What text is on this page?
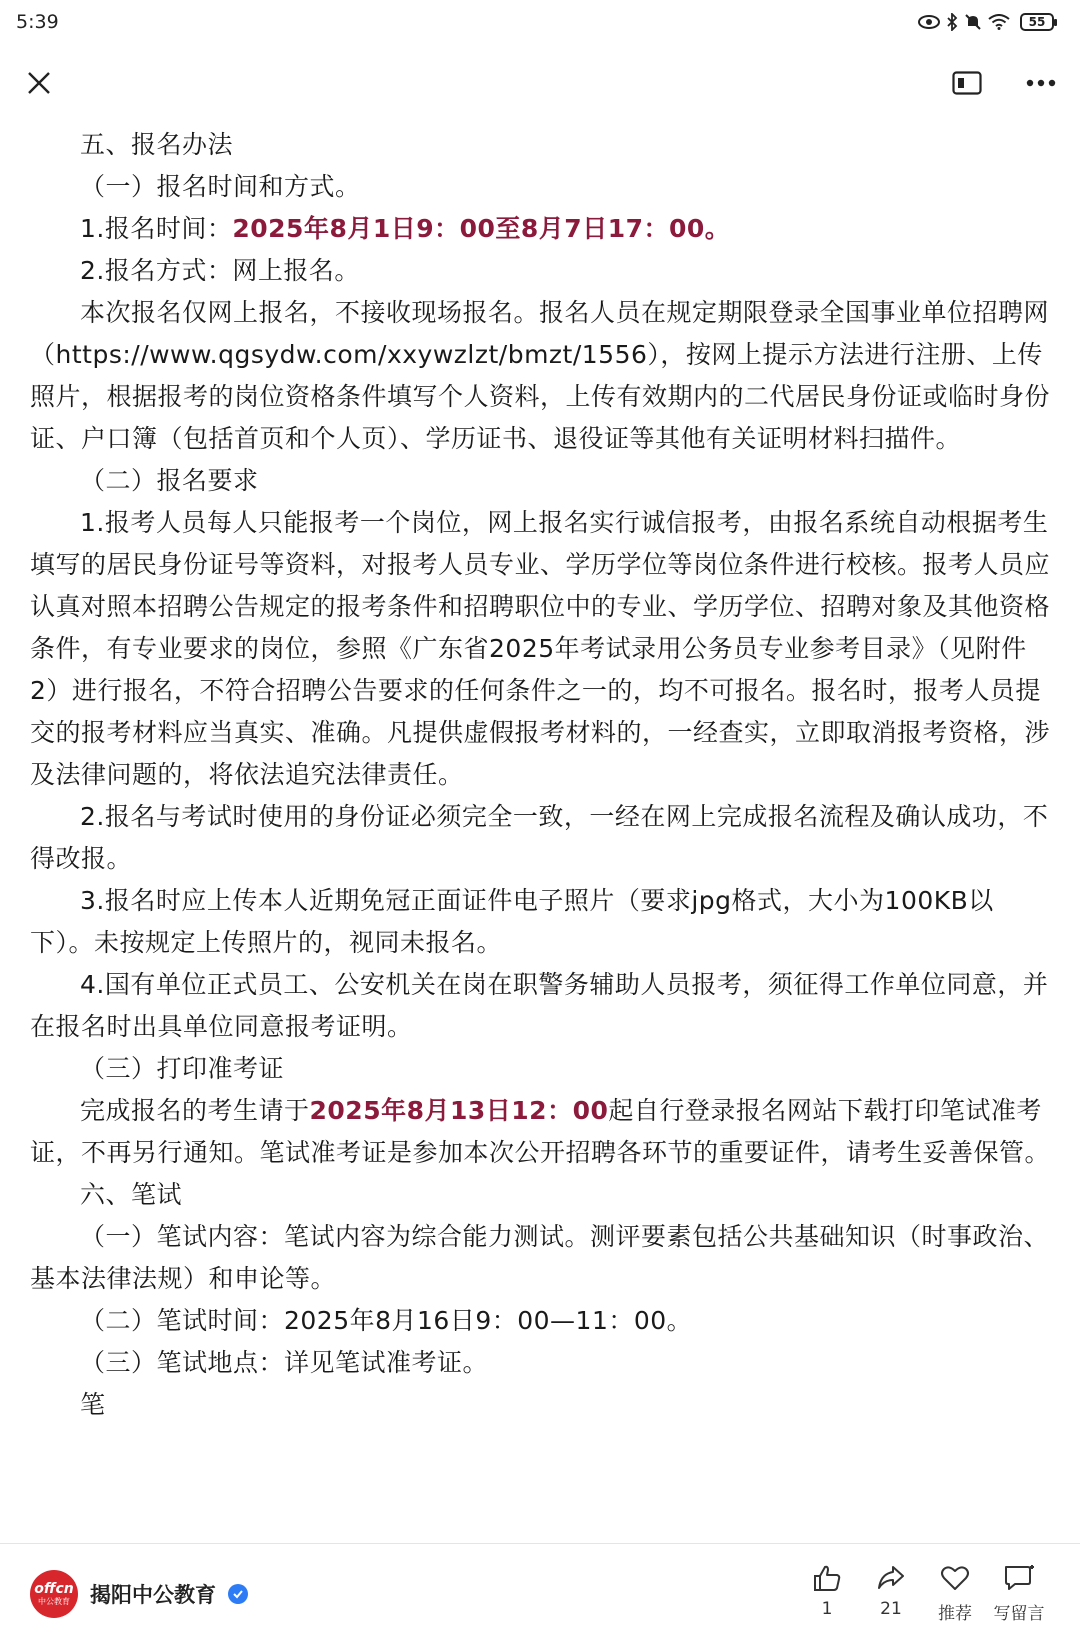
5:39	55

五、报名办法

（一）报名时间和方式。

1.报名时间：2025年8月1日9：00至8月7日17：00。

2.报名方式：网上报名。

本次报名仅网上报名，不接收现场报名。报名人员在规定期限登录全国事业单位招聘网（https://www.qgsydw.com/xxywzlzt/bmzt/1556），按网上提示方法进行注册、上传照片，根据报考的岗位资格条件填写个人资料，上传有效期内的二代居民身份证或临时身份证、户口簿（包括首页和个人页）、学历证书、退役证等其他有关证明材料扫描件。

（二）报名要求

1.报考人员每人只能报考一个岗位，网上报名实行诚信报考，由报名系统自动根据考生填写的居民身份证号等资料，对报考人员专业、学历学位等岗位条件进行校核。报考人员应认真对照本招聘公告规定的报考条件和招聘职位中的专业、学历学位、招聘对象及其他资格条件，有专业要求的岗位，参照《广东省2025年考试录用公务员专业参考目录》（见附件2）进行报名，不符合招聘公告要求的任何条件之一的，均不可报名。报名时，报考人员提交的报考材料应当真实、准确。凡提供虚假报考材料的，一经查实，立即取消报考资格，涉及法律问题的，将依法追究法律责任。

2.报名与考试时使用的身份证必须完全一致，一经在网上完成报名流程及确认成功，不得改报。

3.报名时应上传本人近期免冠正面证件电子照片（要求jpg格式，大小为100KB以下）。未按规定上传照片的，视同未报名。

4.国有单位正式员工、公安机关在岗在职警务辅助人员报考，须征得工作单位同意，并在报名时出具单位同意报考证明。

（三）打印准考证

完成报名的考生请于2025年8月13日12：00起自行登录报名网站下载打印笔试准考证，不再另行通知。笔试准考证是参加本次公开招聘各环节的重要证件，请考生妥善保管。

六、笔试

（一）笔试内容：笔试内容为综合能力测试。测评要素包括公共基础知识（时事政治、基本法律法规）和申论等。

（二）笔试时间：2025年8月16日9：00—11：00。

（三）笔试地点：详见笔试准考证。

笔

offcn
中公教育 揭阳中公教育
1	21 推荐 写留言
